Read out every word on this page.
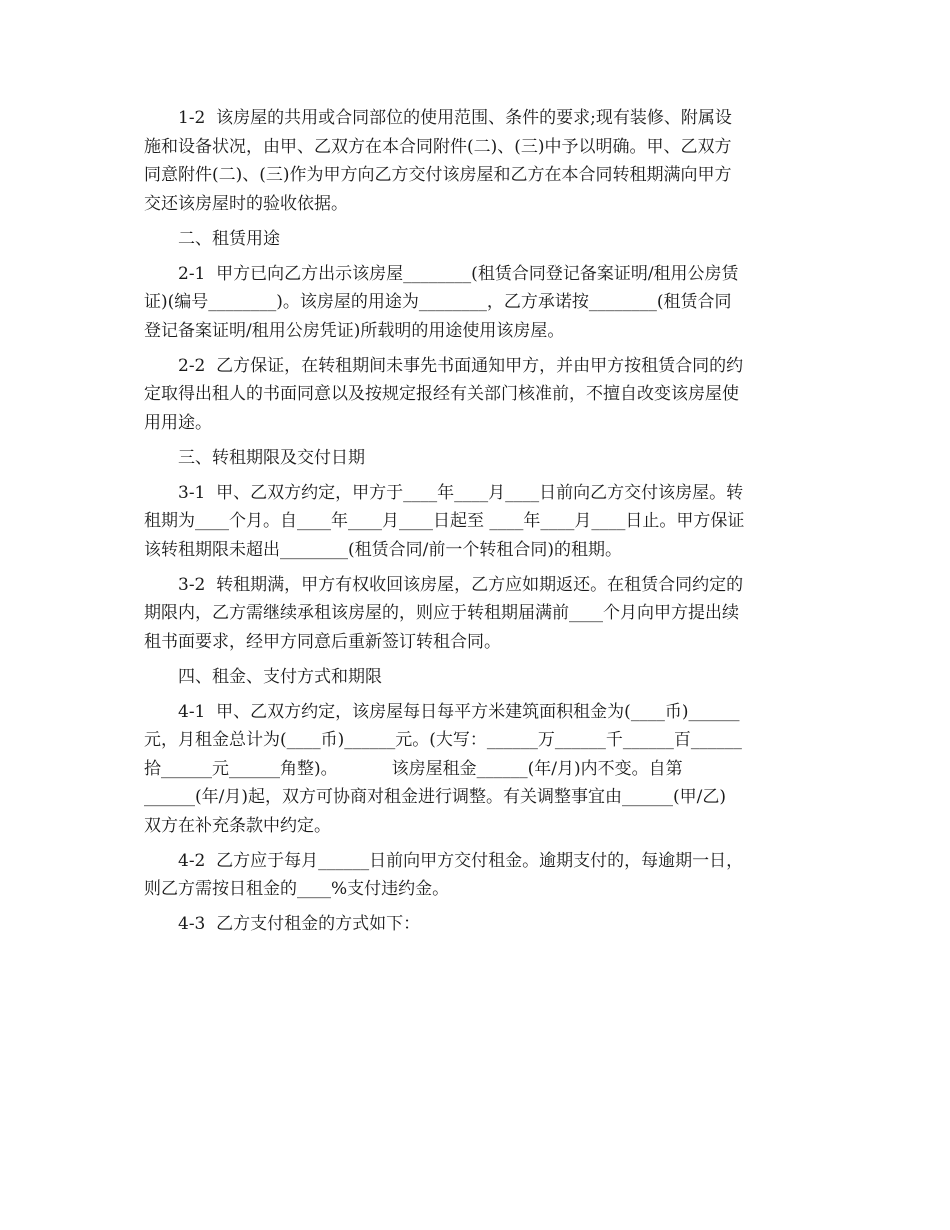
1-2  该房屋的共用或合同部位的使用范围、条件的要求;现有装修、附属设
施和设备状况，由甲、乙双方在本合同附件(二)、(三)中予以明确。甲、乙双方
同意附件(二)、(三)作为甲方向乙方交付该房屋和乙方在本合同转租期满向甲方
交还该房屋时的验收依据。
二、租赁用途
2-1  甲方已向乙方出示该房屋________(租赁合同登记备案证明/租用公房赁
证)(编号________)。该房屋的用途为________，乙方承诺按________(租赁合同
登记备案证明/租用公房凭证)所载明的用途使用该房屋。
2-2  乙方保证，在转租期间未事先书面通知甲方，并由甲方按租赁合同的约
定取得出租人的书面同意以及按规定报经有关部门核准前，不擅自改变该房屋使
用用途。
三、转租期限及交付日期
3-1  甲、乙双方约定，甲方于____年____月____日前向乙方交付该房屋。转
租期为____个月。自____年____月____日起至 ____年____月____日止。甲方保证
该转租期限未超出________(租赁合同/前一个转租合同)的租期。
3-2  转租期满，甲方有权收回该房屋，乙方应如期返还。在租赁合同约定的
期限内，乙方需继续承租该房屋的，则应于转租期届满前____个月向甲方提出续
租书面要求，经甲方同意后重新签订转租合同。
四、租金、支付方式和期限
4-1  甲、乙双方约定，该房屋每日每平方米建筑面积租金为(____币)______
元，月租金总计为(____币)______元。(大写：______万______千______百______
拾______元______角整)。          该房屋租金______(年/月)内不变。自第
______(年/月)起，双方可协商对租金进行调整。有关调整事宜由______(甲/乙)
双方在补充条款中约定。
4-2  乙方应于每月______日前向甲方交付租金。逾期支付的，每逾期一日，
则乙方需按日租金的____%支付违约金。
4-3  乙方支付租金的方式如下：
